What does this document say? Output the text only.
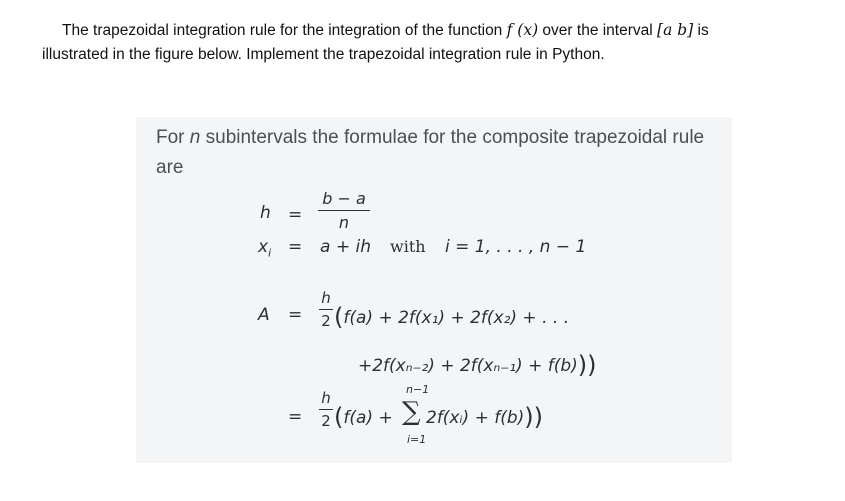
The trapezoidal integration rule for the integration of the function f (x) over the interval [a b] is
illustrated in the figure below. Implement the trapezoidal integration rule in Python.
For n subintervals the formulae for the composite trapezoidal rule are
h =
b − a
n
$x_i = a$ + ih with i = 1, . . . , n − 1
A =
h
2 (f(a) + 2f(x₁) + 2f(x₂) + . . .
+2f(xₙ₋₂) + 2f(xₙ₋₁) + f(b)))
=
h
2 (f(a) +
n−1
∑
i=1
2f(xᵢ) + f(b)))
